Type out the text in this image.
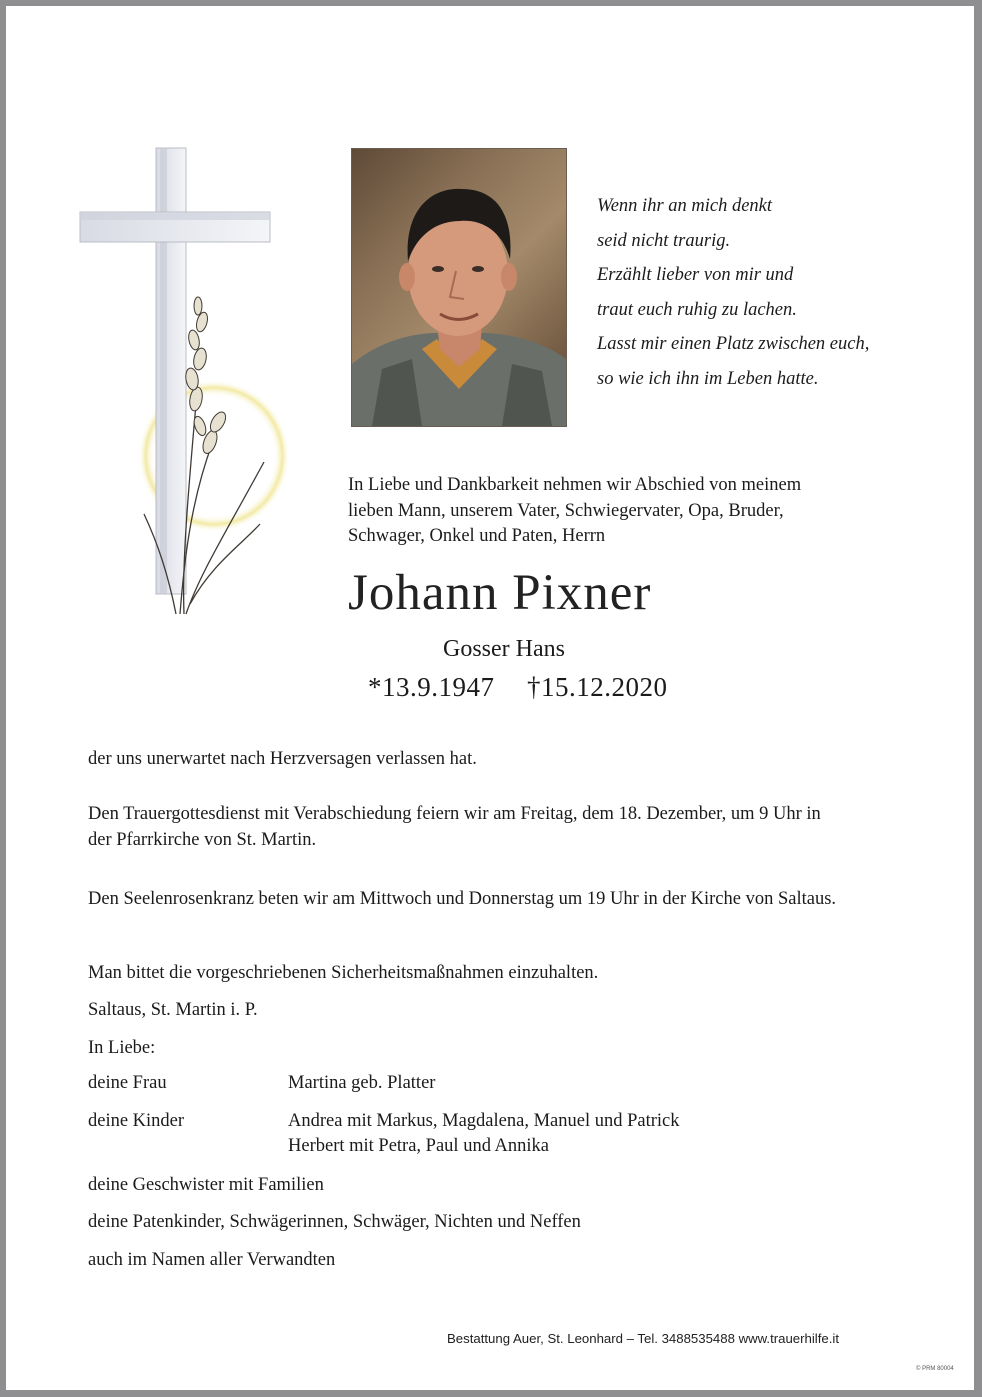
Wenn ihr an mich denkt

seid nicht traurig.

Erzählt lieber von mir und

traut euch ruhig zu lachen.

Lasst mir einen Platz zwischen euch,

so wie ich ihn im Leben hatte.

In Liebe und Dankbarkeit nehmen wir Abschied von meinem

lieben Mann, unserem Vater, Schwiegervater, Opa, Bruder,

Schwager, Onkel und Paten, Herrn

Johann Pixner
Gosser Hans
*13.9.1947 †15.12.2020
der uns unerwartet nach Herzversagen verlassen hat.

Den Trauergottesdienst mit Verabschiedung feiern wir am Freitag, dem 18. Dezember, um 9 Uhr in

der Pfarrkirche von St. Martin.

Den Seelenrosenkranz beten wir am Mittwoch und Donnerstag um 19 Uhr in der Kirche von Saltaus.
Man bittet die vorgeschriebenen Sicherheitsmaßnahmen einzuhalten.
Saltaus, St. Martin i. P.
In Liebe:
deine Frau	Martina geb. Platter
deine Kinder	Andrea mit Markus, Magdalena, Manuel und Patrick
Herbert mit Petra, Paul und Annika
deine Geschwister mit Familien
deine Patenkinder, Schwägerinnen, Schwäger, Nichten und Neffen
auch im Namen aller Verwandten
Bestattung Auer, St. Leonhard – Tel. 3488535488 www.trauerhilfe.it
© PRM 80004
